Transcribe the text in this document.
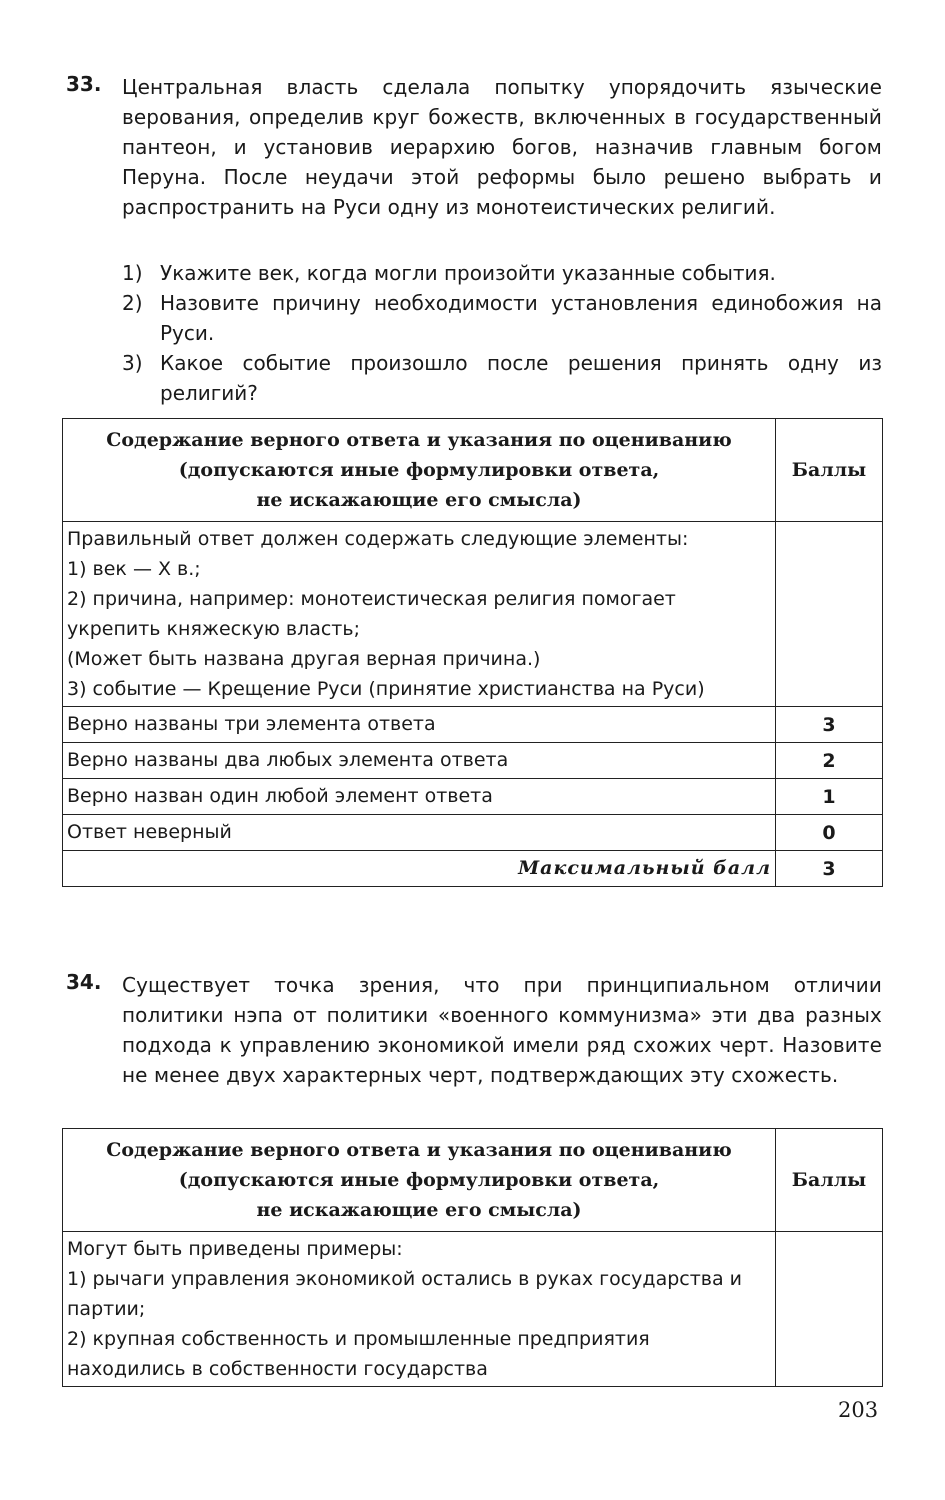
33. Центральная власть сделала попытку упорядочить языческие верования, определив круг божеств, включенных в государственный пантеон, и установив иерархию богов, назначив главным богом Перуна. После неудачи этой реформы было решено выбрать и распространить на Руси одну из монотеистических религий.
1) Укажите век, когда могли произойти указанные события.
2) Назовите причину необходимости установления единобожия на Руси.
3) Какое событие произошло после решения принять одну из религий?
Содержание верного ответа и указания по оцениванию
(допускаются иные формулировки ответа,
не искажающие его смысла)	Баллы

Правильный ответ должен содержать следующие элементы:
1) век — X в.;
2) причина, например: монотеистическая религия помогает укрепить княжескую власть;
(Может быть названа другая верная причина.)
3) событие — Крещение Руси (принятие христианства на Руси)	

Верно названы три элемента ответа	3
Верно названы два любых элемента ответа	2
Верно назван один любой элемент ответа	1
Ответ неверный	0
Максимальный балл	3
34. Существует точка зрения, что при принципиальном отличии политики нэпа от политики «военного коммунизма» эти два разных подхода к управлению экономикой имели ряд схожих черт. Назовите не менее двух характерных черт, подтверждающих эту схожесть.
Содержание верного ответа и указания по оцениванию
(допускаются иные формулировки ответа,
не искажающие его смысла)	Баллы

Могут быть приведены примеры:
1) рычаги управления экономикой остались в руках государства и партии;
2) крупная собственность и промышленные предприятия находились в собственности государства	

203
